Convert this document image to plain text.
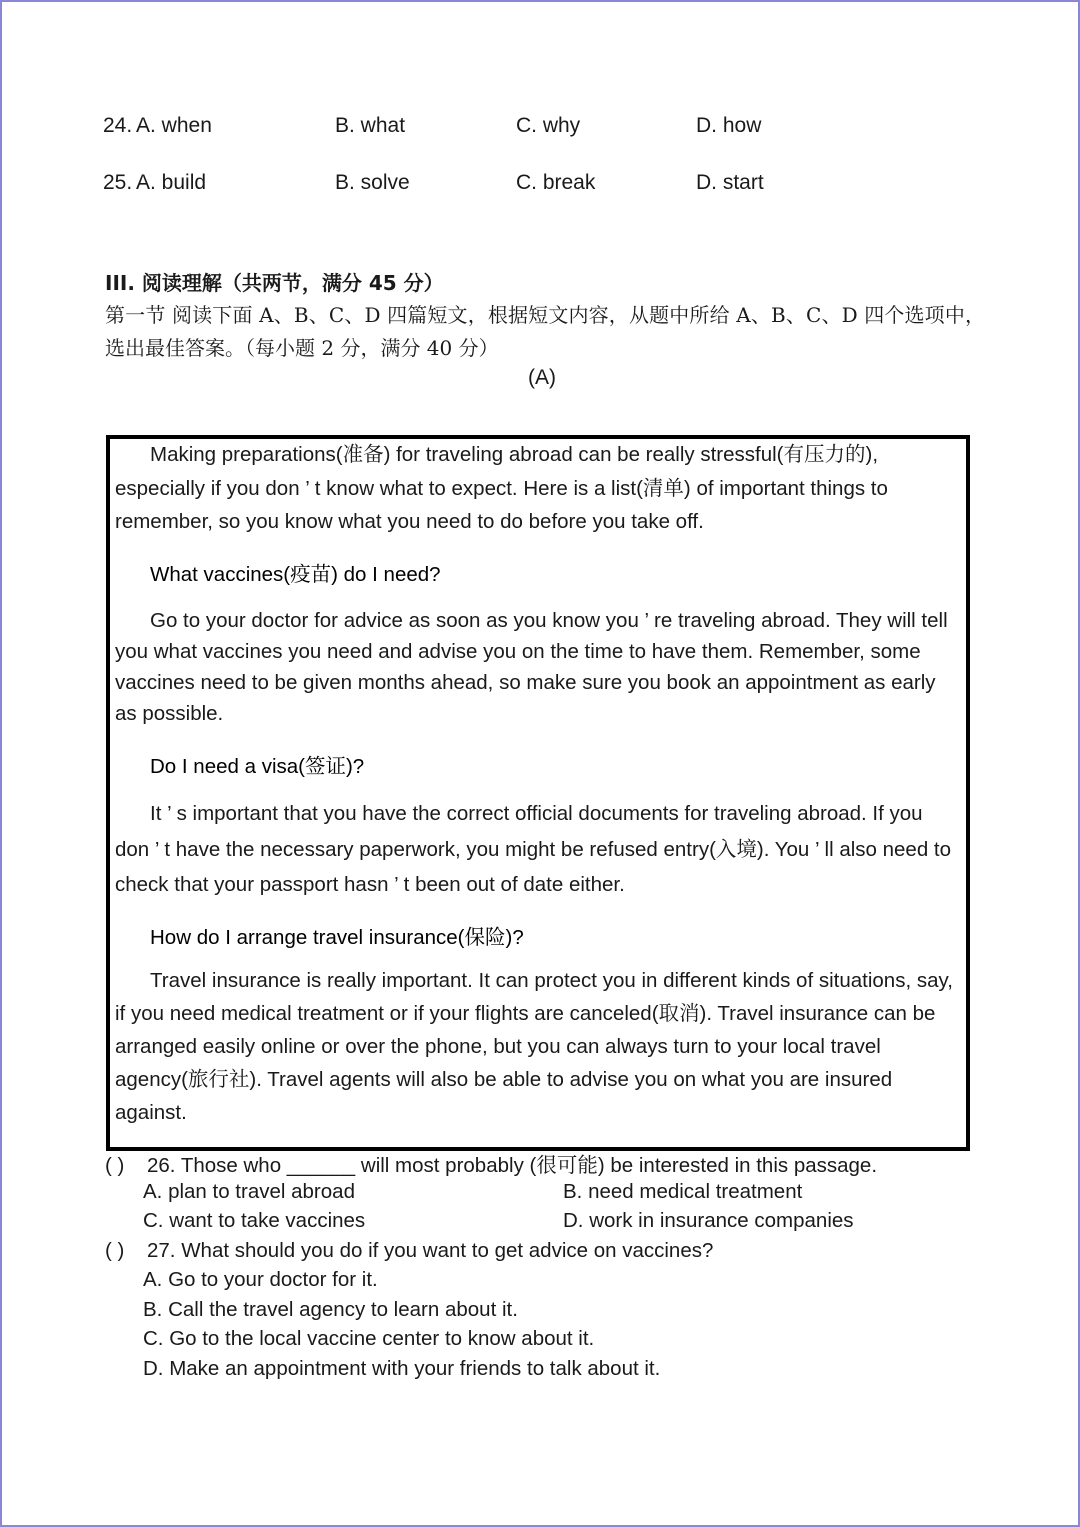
24. A. when	B. what	C. why	D. how
25. A. build	B. solve	C. break	D. start
III. 阅读理解（共两节，满分 45 分）
第一节 阅读下面 A、B、C、D 四篇短文，根据短文内容，从题中所给 A、B、C、D 四个选项中，选出最佳答案。（每小题 2 分，满分 40 分）
(A)
Making preparations(准备) for traveling abroad can be really stressful(有压力的), especially if you don ’ t know what to expect. Here is a list(清单) of important things to remember, so you know what you need to do before you take off.
What vaccines(疫苗) do I need?
Go to your doctor for advice as soon as you know you ’ re traveling abroad. They will tell you what vaccines you need and advise you on the time to have them. Remember, some vaccines need to be given months ahead, so make sure you book an appointment as early as possible.
Do I need a visa(签证)?
It ’ s important that you have the correct official documents for traveling abroad. If you don ’ t have the necessary paperwork, you might be refused entry(入境). You ’ ll also need to check that your passport hasn ’ t been out of date either.
How do I arrange travel insurance(保险)?
Travel insurance is really important. It can protect you in different kinds of situations, say, if you need medical treatment or if your flights are canceled(取消). Travel insurance can be arranged easily online or over the phone, but you can always turn to your local travel agency(旅行社). Travel agents will also be able to advise you on what you are insured against.
( ) 26. Those who ______ will most probably (很可能) be interested in this passage.
A. plan to travel abroad	B. need medical treatment
C. want to take vaccines	D. work in insurance companies
( ) 27. What should you do if you want to get advice on vaccines?
A. Go to your doctor for it.
B. Call the travel agency to learn about it.
C. Go to the local vaccine center to know about it.
D. Make an appointment with your friends to talk about it.
